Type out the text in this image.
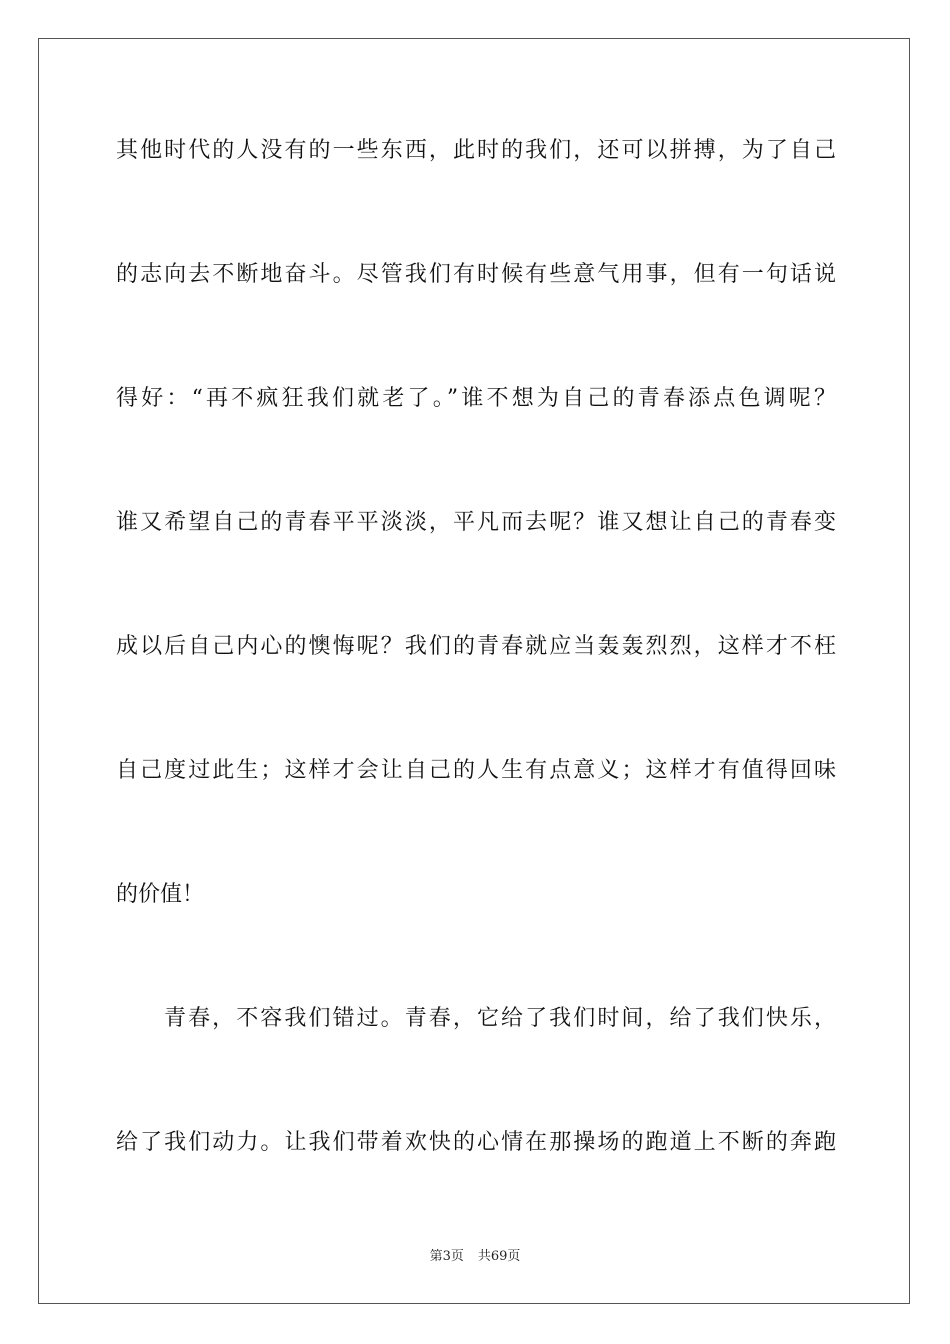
其他时代的人没有的一些东西，此时的我们，还可以拼搏，为了自己
的志向去不断地奋斗。尽管我们有时候有些意气用事，但有一句话说
得好：“再不疯狂我们就老了。”谁不想为自己的青春添点色调呢？
谁又希望自己的青春平平淡淡，平凡而去呢？谁又想让自己的青春变
成以后自己内心的懊悔呢？我们的青春就应当轰轰烈烈，这样才不枉
自己度过此生；这样才会让自己的人生有点意义；这样才有值得回味
的价值！
青春，不容我们错过。青春，它给了我们时间，给了我们快乐，
给了我们动力。让我们带着欢快的心情在那操场的跑道上不断的奔跑
第3页 共69页
